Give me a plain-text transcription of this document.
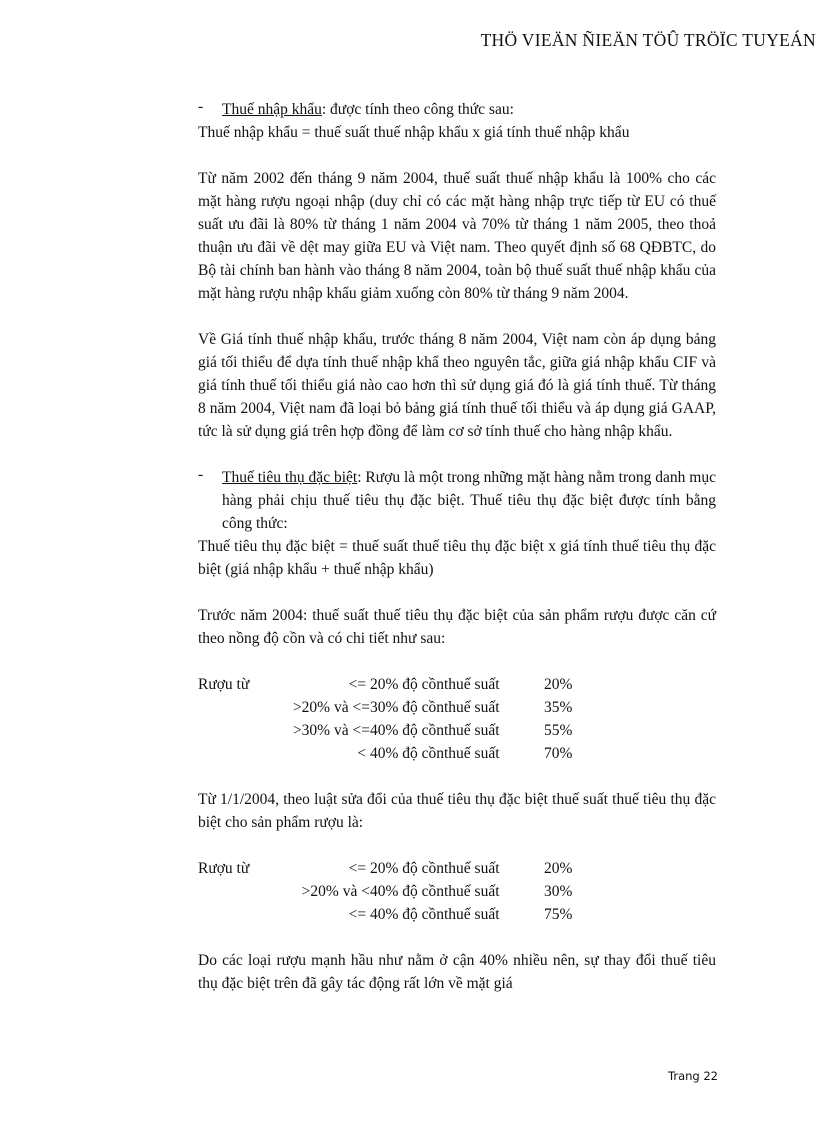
THÖ VIEÄN ÑIEÄN TÖÛ TRÖÏC TUYEÁN
- Thuế nhập khẩu: được tính theo công thức sau:

Thuế nhập khẩu = thuế suất thuế nhập khẩu x giá tính thuế nhập khẩu

Từ năm 2002 đến tháng 9 năm 2004, thuế suất thuế nhập khẩu là 100% cho các mặt hàng rượu ngoại nhập (duy chỉ có các mặt hàng nhập trực tiếp từ EU có thuế suất ưu đãi là 80% từ tháng 1 năm 2004 và 70% từ tháng 1 năm 2005, theo thoả thuận ưu đãi về dệt may giữa EU và Việt nam. Theo quyết định số 68 QĐBTC, do Bộ tài chính ban hành vào tháng 8 năm 2004, toàn bộ thuế suất thuế nhập khẩu của mặt hàng rượu nhập khẩu giảm xuống còn 80% từ tháng 9 năm 2004.

Về Giá tính thuế nhập khẩu, trước tháng 8 năm 2004, Việt nam còn áp dụng bảng giá tối thiểu để dựa tính thuế nhập khẩ theo nguyên tắc, giữa giá nhập khẩu CIF và giá tính thuế tối thiểu giá nào cao hơn thì sử dụng giá đó là giá tính thuế. Từ tháng 8 năm 2004, Việt nam đã loại bỏ bảng giá tính thuế tối thiểu và áp dụng giá GAAP, tức là sử dụng giá trên hợp đồng để làm cơ sở tính thuế cho hàng nhập khẩu.

- Thuế tiêu thụ đặc biệt: Rượu là một trong những mặt hàng nằm trong danh mục hàng phải chịu thuế tiêu thụ đặc biệt. Thuế tiêu thụ đặc biệt được tính bằng công thức:

Thuế tiêu thụ đặc biệt = thuế suất thuế tiêu thụ đặc biệt x giá tính thuế tiêu thụ đặc biệt (giá nhập khẩu + thuế nhập khẩu)

Trước năm 2004: thuế suất thuế tiêu thụ đặc biệt của sản phẩm rượu được căn cứ theo nồng độ cồn và có chi tiết như sau:

Rượu từ	<= 20% độ cồn	thuế suất	20%
	>20% và <=30% độ cồn	thuế suất	35%
	>30% và <=40% độ cồn	thuế suất	55%
	< 40% độ cồn	thuế suất	70%

Từ 1/1/2004, theo luật sửa đổi của thuế tiêu thụ đặc biệt thuế suất thuế tiêu thụ đặc biệt cho sản phẩm rượu là:

Rượu từ	<= 20% độ cồn	thuế suất	20%
	>20% và <40% độ cồn	thuế suất	30%
	<= 40% độ cồn	thuế suất	75%

Do các loại rượu mạnh hầu như nằm ở cận 40% nhiều nên, sự thay đổi thuế tiêu thụ đặc biệt trên đã gây tác động rất lớn về mặt giá

Trang 22
